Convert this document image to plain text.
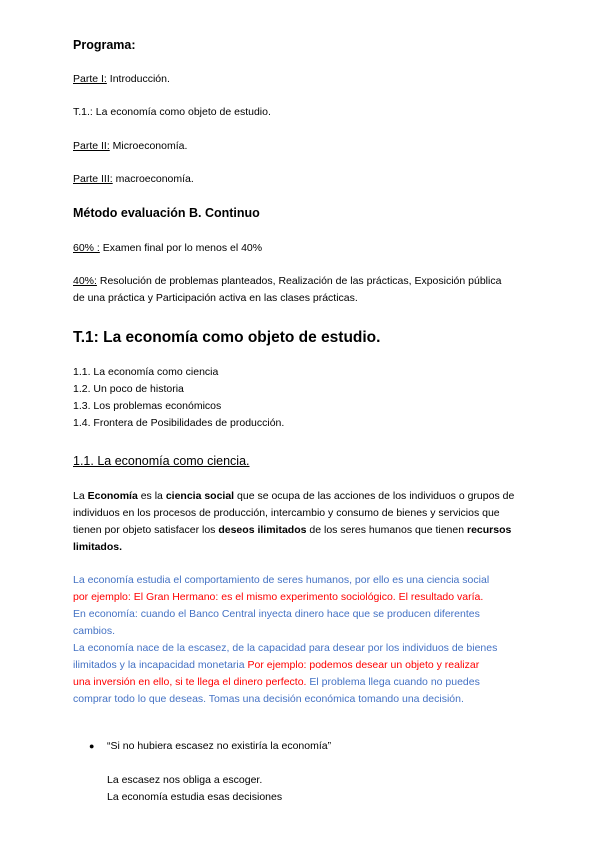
Programa:
Parte I: Introducción.
T.1.: La economía como objeto de estudio.
Parte II: Microeconomía.
Parte III: macroeconomía.
Método evaluación B. Continuo
60% : Examen final por lo menos el 40%
40%: Resolución de problemas planteados, Realización de las prácticas, Exposición pública
de una práctica y Participación activa en las clases prácticas.
T.1: La economía como objeto de estudio.
1.1. La economía como ciencia
1.2. Un poco de historia
1.3. Los problemas económicos
1.4. Frontera de Posibilidades de producción.
1.1. La economía como ciencia.
La Economía es la ciencia social que se ocupa de las acciones de los individuos o grupos de
individuos en los procesos de producción, intercambio y consumo de bienes y servicios que
tienen por objeto satisfacer los deseos ilimitados de los seres humanos que tienen recursos
limitados.
La economía estudia el comportamiento de seres humanos, por ello es una ciencia social
por ejemplo: El Gran Hermano: es el mismo experimento sociológico. El resultado varía.
En economía: cuando el Banco Central inyecta dinero hace que se producen diferentes
cambios.
La economía nace de la escasez, de la capacidad para desear por los individuos de bienes
ilimitados y la incapacidad monetaria Por ejemplo: podemos desear un objeto y realizar
una inversión en ello, si te llega el dinero perfecto. El problema llega cuando no puedes
comprar todo lo que deseas. Tomas una decisión económica tomando una decisión.
● “Si no hubiera escasez no existiría la economía”
La escasez nos obliga a escoger.
La economía estudia esas decisiones
